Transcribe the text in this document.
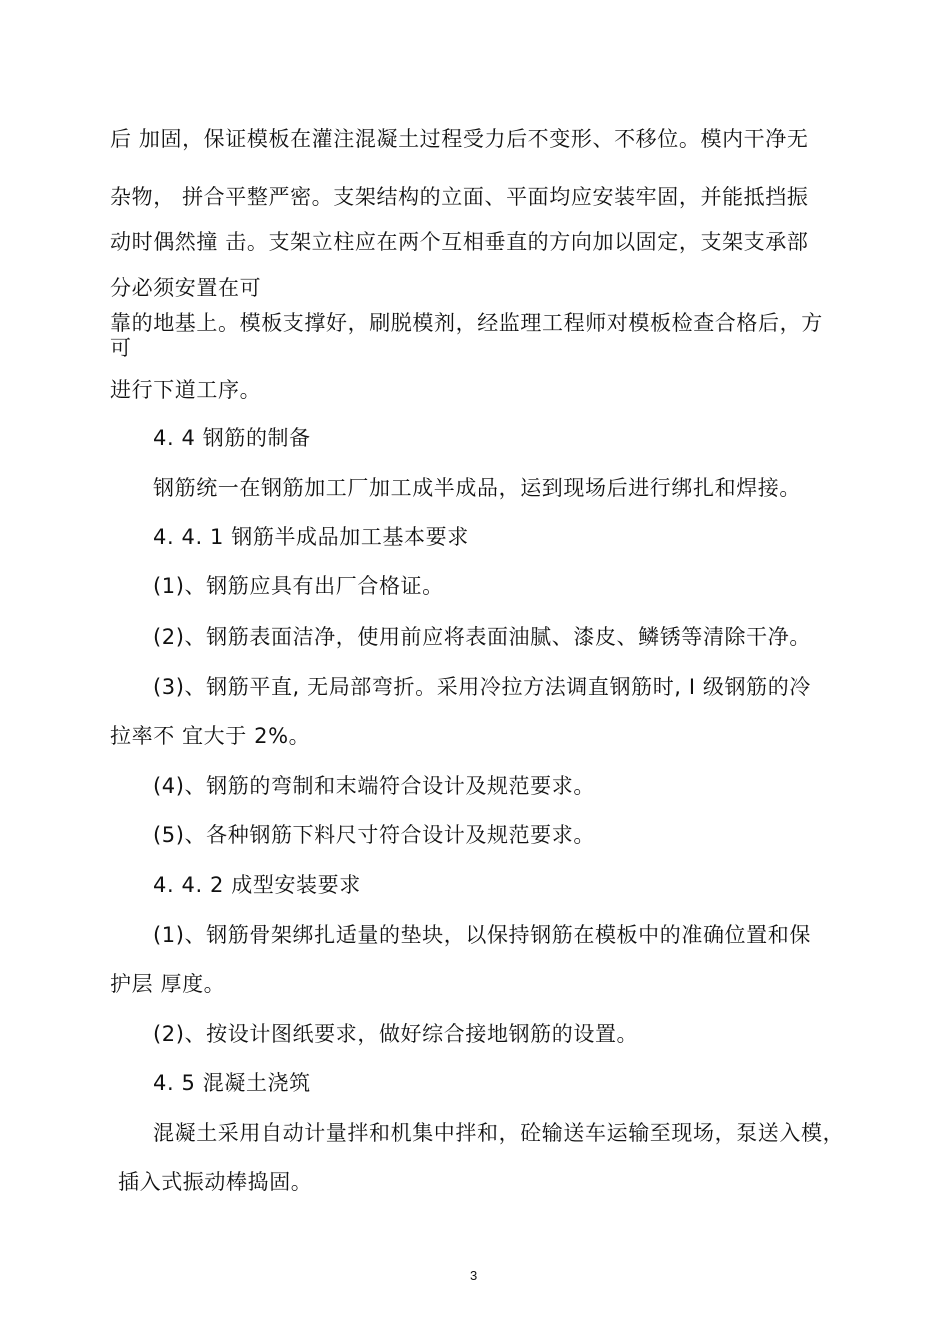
后 加固，保证模板在灌注混凝土过程受力后不变形、不移位。模内干净无
杂物， 拼合平整严密。支架结构的立面、平面均应安装牢固，并能抵挡振
动时偶然撞 击。支架立柱应在两个互相垂直的方向加以固定，支架支承部
分必须安置在可
靠的地基上。模板支撑好，刷脱模剂，经监理工程师对模板检查合格后，方
可
进行下道工序。
4. 4 钢筋的制备
钢筋统一在钢筋加工厂加工成半成品，运到现场后进行绑扎和焊接。
4. 4. 1 钢筋半成品加工基本要求
(1)、钢筋应具有出厂合格证。
(2)、钢筋表面洁净，使用前应将表面油腻、漆皮、鳞锈等清除干净。
(3)、钢筋平直, 无局部弯折。采用冷拉方法调直钢筋时, I 级钢筋的冷
拉率不 宜大于 2%。
(4)、钢筋的弯制和末端符合设计及规范要求。
(5)、各种钢筋下料尺寸符合设计及规范要求。
4. 4. 2 成型安装要求
(1)、钢筋骨架绑扎适量的垫块，以保持钢筋在模板中的准确位置和保
护层 厚度。
(2)、按设计图纸要求，做好综合接地钢筋的设置。
4. 5 混凝土浇筑
混凝土采用自动计量拌和机集中拌和，砼输送车运输至现场，泵送入模，
插入式振动棒捣固。
3
